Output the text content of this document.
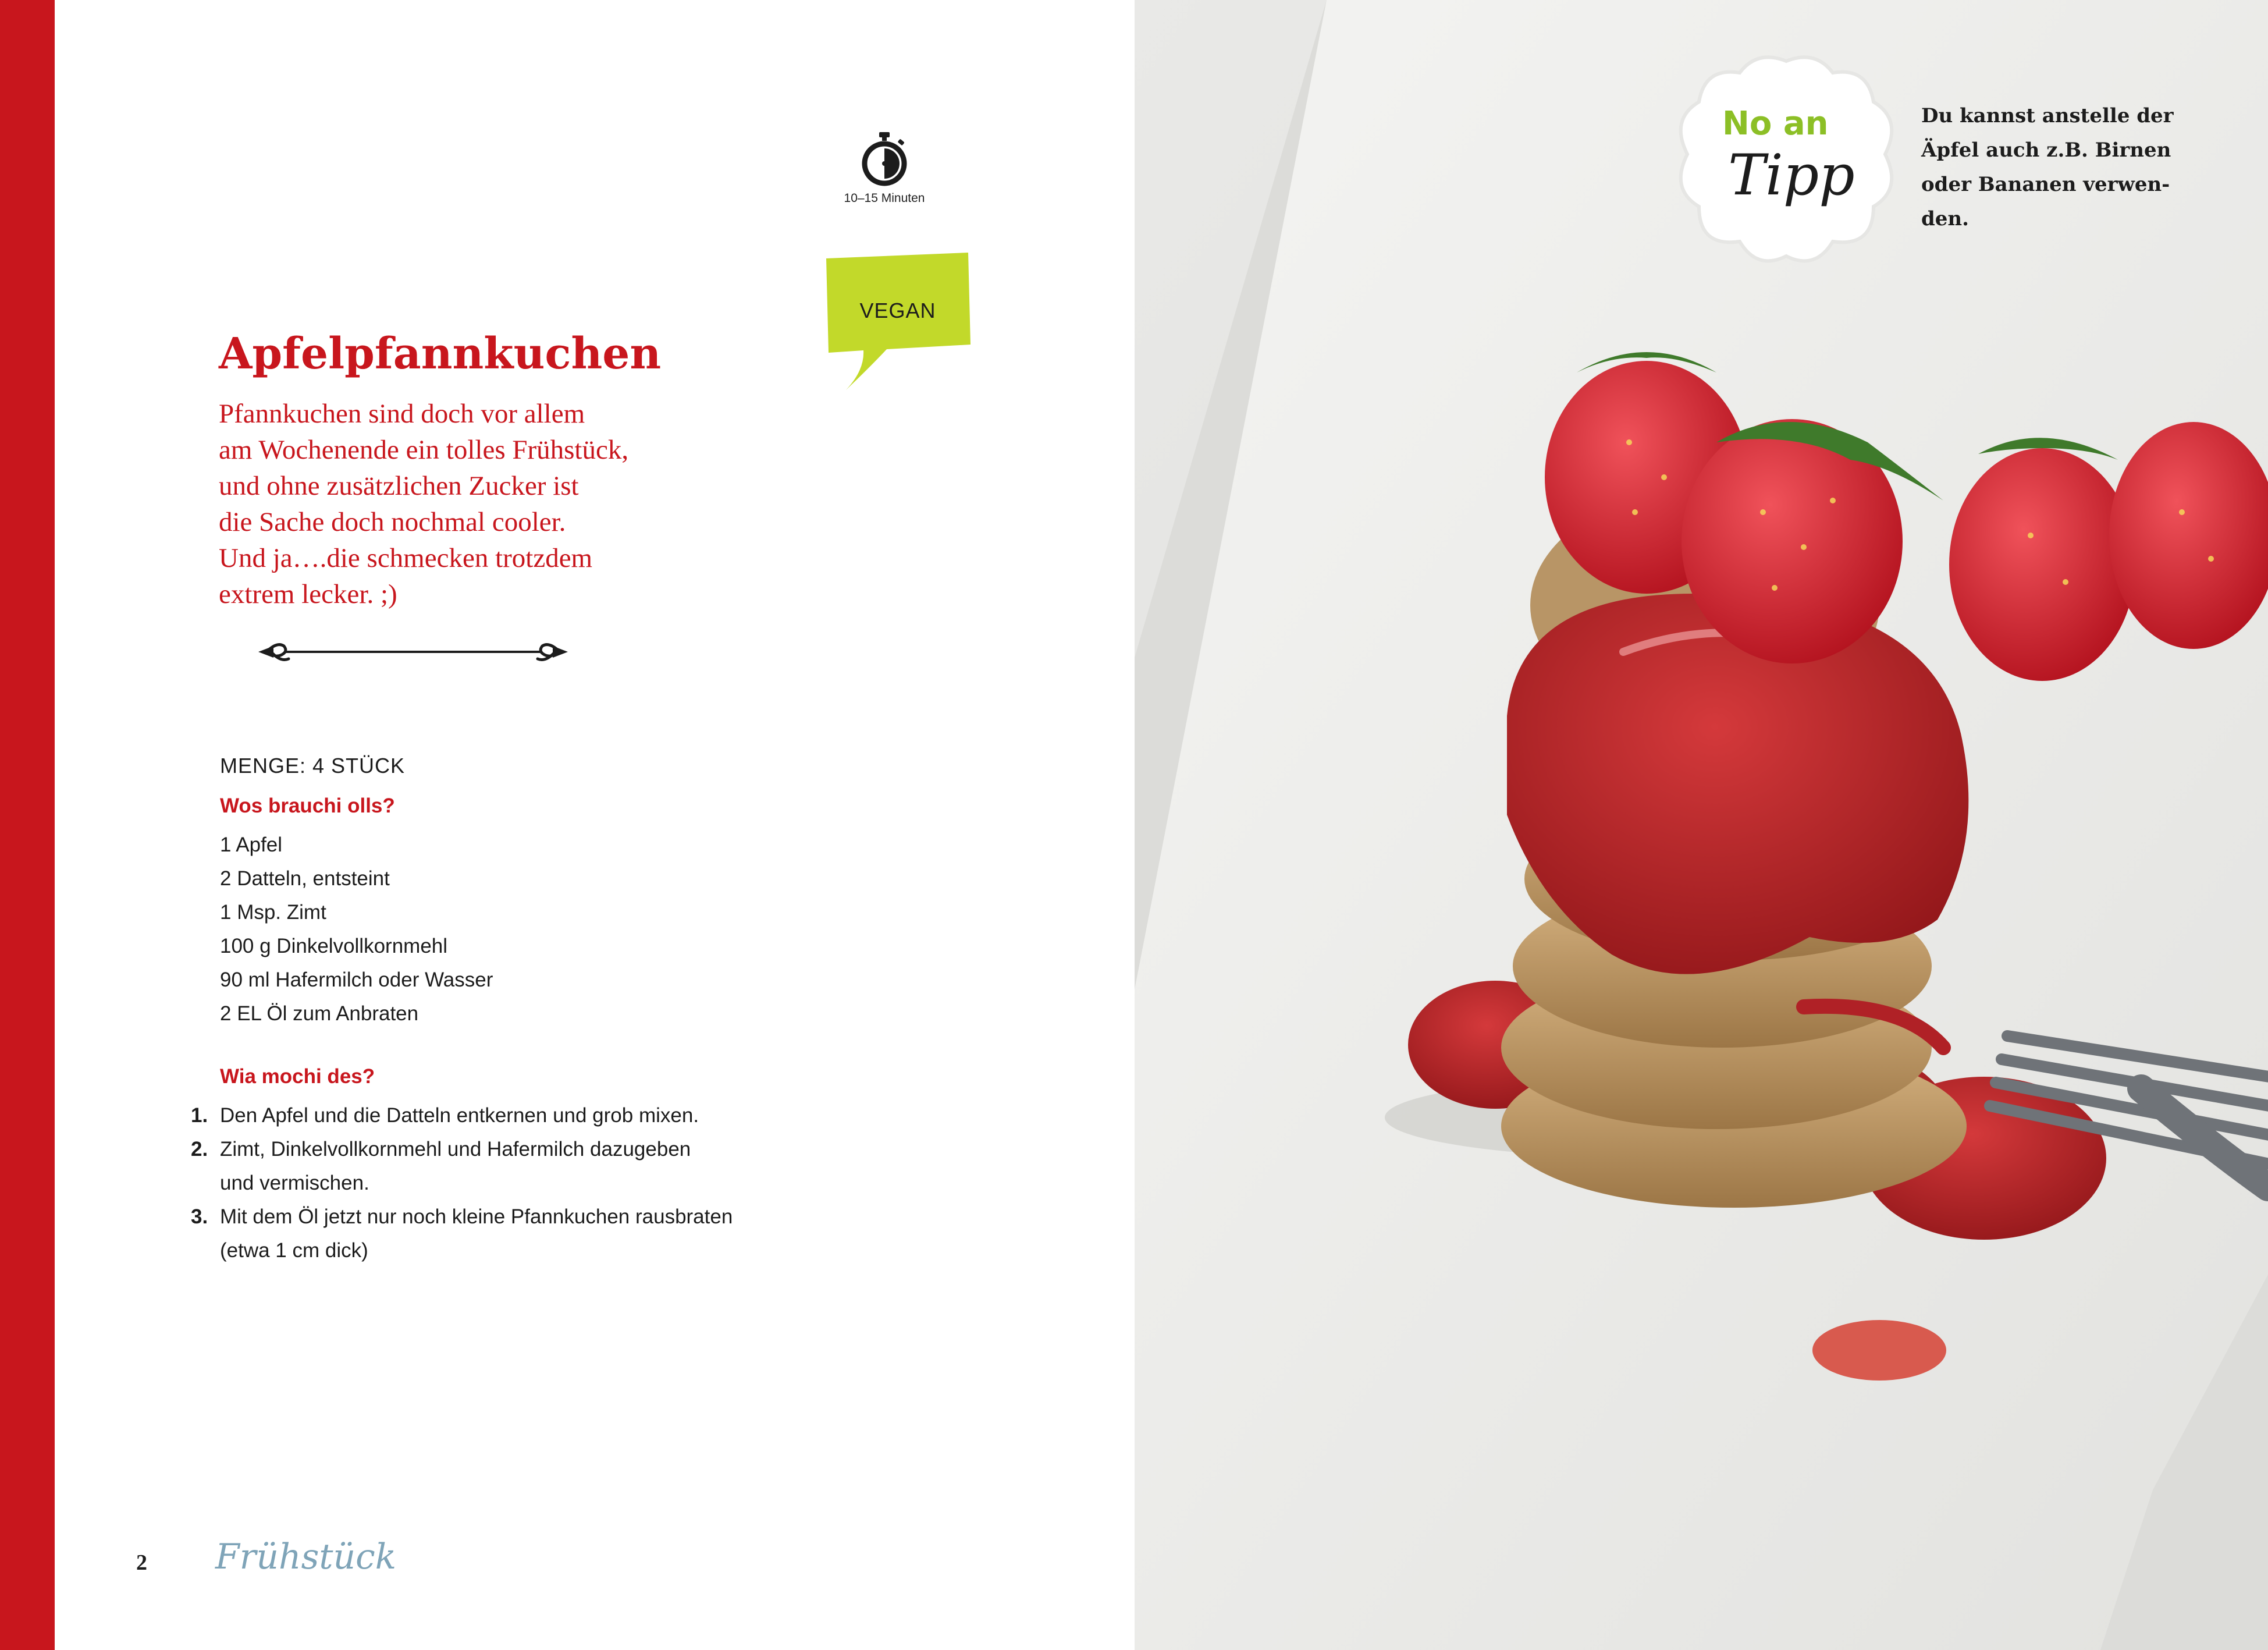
10–15 Minuten
VEGAN
Apfelpfannkuchen
Pfannkuchen sind doch vor allem
am Wochenende ein tolles Frühstück,
und ohne zusätzlichen Zucker ist
die Sache doch nochmal cooler.
Und ja….die schmecken trotzdem
extrem lecker. ;)
MENGE: 4 STÜCK
Wos brauchi olls?
1 Apfel
2 Datteln, entsteint
1 Msp. Zimt
100 g Dinkelvollkornmehl
90 ml Hafermilch oder Wasser
2 EL Öl zum Anbraten
Wia mochi des?
1. Den Apfel und die Datteln entkernen und grob mixen.
2. Zimt, Dinkelvollkornmehl und Hafermilch dazugeben
und vermischen.
3. Mit dem Öl jetzt nur noch kleine Pfannkuchen rausbraten
(etwa 1 cm dick)
2 Frühstück
No an
Tipp
Du kannst anstelle der
Äpfel auch z.B. Birnen
oder Bananen verwen-
den.
